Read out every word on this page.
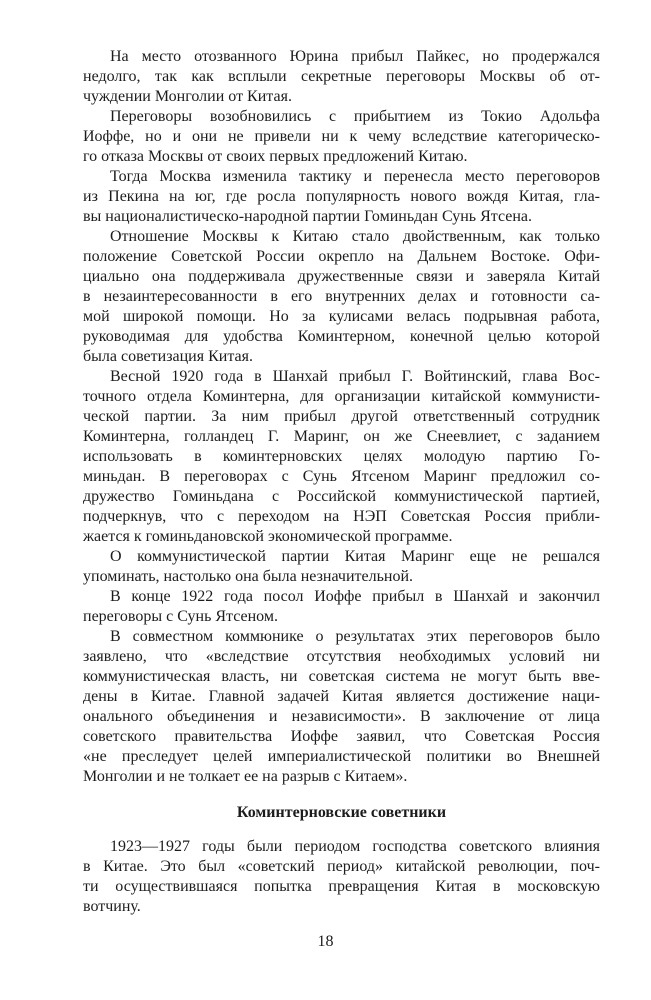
На место отозванного Юрина прибыл Пайкес, но продержался
недолго, так как всплыли секретные переговоры Москвы об от-
чуждении Монголии от Китая.
Переговоры возобновились с прибытием из Токио Адольфа
Иоффе, но и они не привели ни к чему вследствие категорическо-
го отказа Москвы от своих первых предложений Китаю.
Тогда Москва изменила тактику и перенесла место переговоров
из Пекина на юг, где росла популярность нового вождя Китая, гла-
вы националистическо-народной партии Гоминьдан Сунь Ятсена.
Отношение Москвы к Китаю стало двойственным, как только
положение Советской России окрепло на Дальнем Востоке. Офи-
циально она поддерживала дружественные связи и заверяла Китай
в незаинтересованности в его внутренних делах и готовности са-
мой широкой помощи. Но за кулисами велась подрывная работа,
руководимая для удобства Коминтерном, конечной целью которой
была советизация Китая.
Весной 1920 года в Шанхай прибыл Г. Войтинский, глава Вос-
точного отдела Коминтерна, для организации китайской коммунисти-
ческой партии. За ним прибыл другой ответственный сотрудник
Коминтерна, голландец Г. Маринг, он же Снеевлиет, с заданием
использовать в коминтерновских целях молодую партию Го-
миньдан. В переговорах с Сунь Ятсеном Маринг предложил со-
дружество Гоминьдана с Российской коммунистической партией,
подчеркнув, что с переходом на НЭП Советская Россия прибли-
жается к гоминьдановской экономической программе.
О коммунистической партии Китая Маринг еще не решался
упоминать, настолько она была незначительной.
В конце 1922 года посол Иоффе прибыл в Шанхай и закончил
переговоры с Сунь Ятсеном.
В совместном коммюнике о результатах этих переговоров было
заявлено, что «вследствие отсутствия необходимых условий ни
коммунистическая власть, ни советская система не могут быть вве-
дены в Китае. Главной задачей Китая является достижение наци-
онального объединения и независимости». В заключение от лица
советского правительства Иоффе заявил, что Советская Россия
«не преследует целей империалистической политики во Внешней
Монголии и не толкает ее на разрыв с Китаем».
Коминтерновские советники
1923—1927 годы были периодом господства советского влияния
в Китае. Это был «советский период» китайской революции, поч-
ти осуществившаяся попытка превращения Китая в московскую
вотчину.
18
